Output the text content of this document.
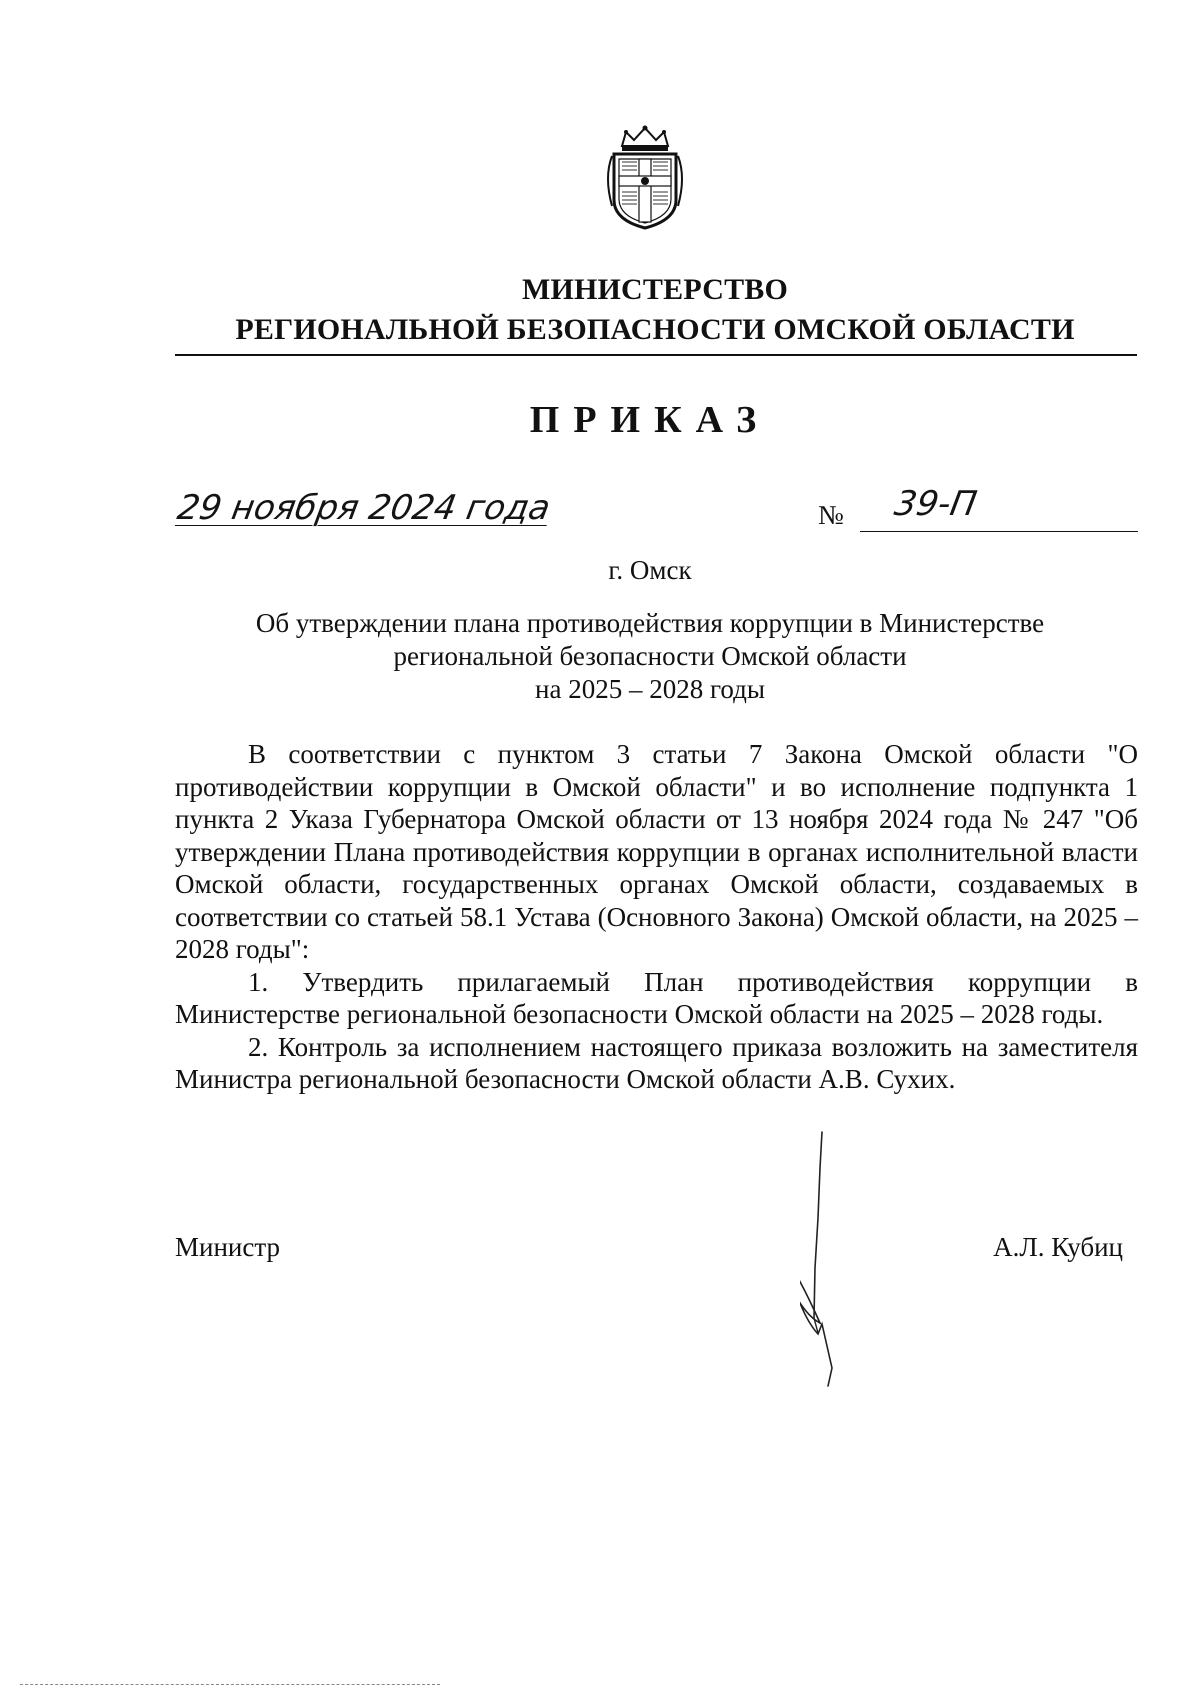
МИНИСТЕРСТВО
РЕГИОНАЛЬНОЙ БЕЗОПАСНОСТИ ОМСКОЙ ОБЛАСТИ
ПРИКАЗ
29 ноября 2024 года	№ 39-П
г. Омск
Об утверждении плана противодействия коррупции в Министерстве
региональной безопасности Омской области
на 2025 – 2028 годы

В соответствии с пунктом 3 статьи 7 Закона Омской области "О противодействии коррупции в Омской области" и во исполнение подпункта 1 пункта 2 Указа Губернатора Омской области от 13 ноября 2024 года № 247 "Об утверждении Плана противодействия коррупции в органах исполнительной власти Омской области, государственных органах Омской области, создаваемых в соответствии со статьей 58.1 Устава (Основного Закона) Омской области, на 2025 – 2028 годы":

1. Утвердить прилагаемый План противодействия коррупции в Министерстве региональной безопасности Омской области на 2025 – 2028 годы.

2. Контроль за исполнением настоящего приказа возложить на заместителя Министра региональной безопасности Омской области А.В. Сухих.

Министр	А.Л. Кубиц
